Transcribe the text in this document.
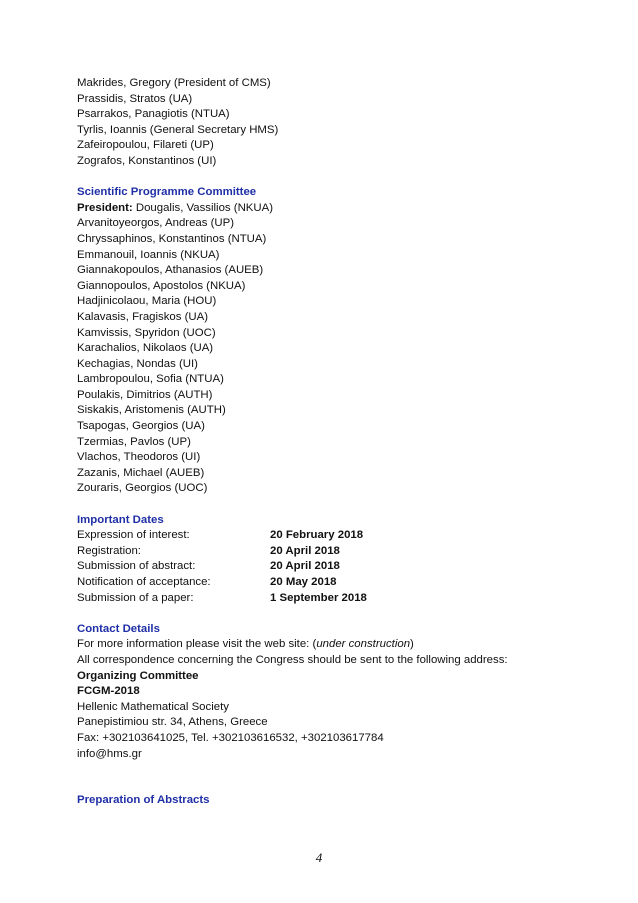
Makrides, Gregory (President of CMS)
Prassidis, Stratos (UA)
Psarrakos, Panagiotis (NTUA)
Tyrlis, Ioannis (General Secretary HMS)
Zafeiropoulou, Filareti (UP)
Zografos, Konstantinos (UI)
Scientific Programme Committee
President: Dougalis, Vassilios (NKUA)
Arvanitoyeorgos, Andreas (UP)
Chryssaphinos, Konstantinos (NTUA)
Emmanouil, Ioannis (NKUA)
Giannakopoulos, Athanasios (AUEB)
Giannopoulos, Apostolos (NKUA)
Hadjinicolaou, Maria (HOU)
Kalavasis, Fragiskos (UA)
Kamvissis, Spyridon (UOC)
Karachalios, Nikolaos (UA)
Kechagias, Nondas (UI)
Lambropoulou, Sofia (NTUA)
Poulakis, Dimitrios (AUTH)
Siskakis, Aristomenis (AUTH)
Tsapogas, Georgios (UA)
Tzermias, Pavlos (UP)
Vlachos, Theodoros (UI)
Zazanis, Michael (AUEB)
Zouraris, Georgios (UOC)
Important Dates
Expression of interest:	20 February 2018
Registration:	20 April 2018
Submission of abstract:	20 April 2018
Notification of acceptance:	20 May 2018
Submission of a paper:	1 September 2018
Contact Details
For more information please visit the web site: (under construction)
All correspondence concerning the Congress should be sent to the following address:
Organizing Committee
FCGM-2018
Hellenic Mathematical Society
Panepistimiou str. 34, Athens, Greece
Fax: +302103641025, Tel. +302103616532, +302103617784
info@hms.gr
Preparation of Abstracts
4
